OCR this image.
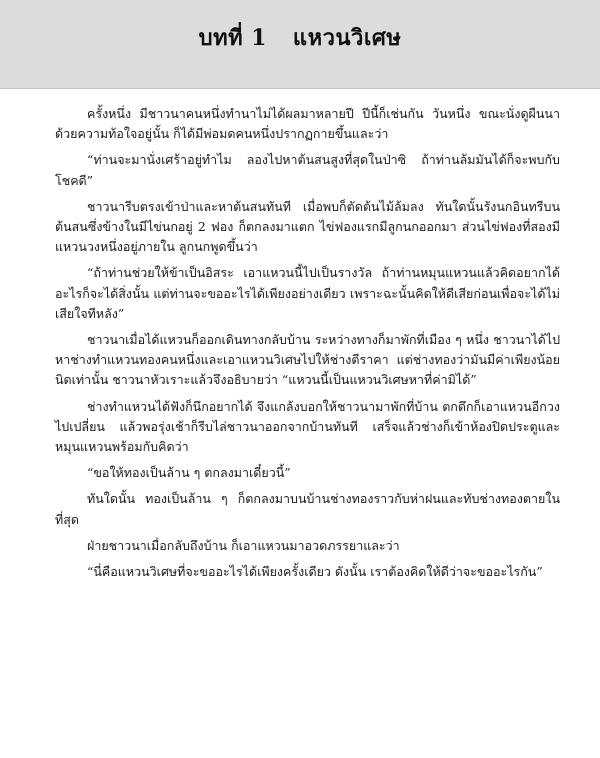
บทที่ 1 แหวนวิเศษ

ครั้งหนึ่ง มีชาวนาคนหนึ่งทำนาไม่ได้ผลมาหลายปี ปีนี้ก็เช่นกัน วันหนึ่ง ขณะนั่งดูผืนนาด้วยความท้อใจอยู่นั้น ก็ได้มีพ่อมดคนหนึ่งปรากฏกายขึ้นและว่า

“ท่านจะมานั่งเศร้าอยู่ทำไม ลองไปหาต้นสนสูงที่สุดในป่าซิ ถ้าท่านล้มมันได้ก็จะพบกับโชคดี”

ชาวนารีบตรงเข้าป่าและหาต้นสนทันที เมื่อพบก็ตัดต้นไม้ล้มลง ทันใดนั้นรังนกอินทรีบนต้นสนซึ่งข้างในมีไข่นกอยู่ 2 ฟอง ก็ตกลงมาแตก ไข่ฟองแรกมีลูกนกออกมา ส่วนไข่ฟองที่สองมีแหวนวงหนึ่งอยู่ภายใน ลูกนกพูดขึ้นว่า

“ถ้าท่านช่วยให้ข้าเป็นอิสระ เอาแหวนนี้ไปเป็นรางวัล ถ้าท่านหมุนแหวนแล้วคิดอยากได้อะไรก็จะได้สิ่งนั้น แต่ท่านจะขออะไรได้เพียงอย่างเดียว เพราะฉะนั้นคิดให้ดีเสียก่อนเพื่อจะได้ไม่เสียใจทีหลัง”

ชาวนาเมื่อได้แหวนก็ออกเดินทางกลับบ้าน ระหว่างทางก็มาพักที่เมือง ๆ หนึ่ง ชาวนาได้ไปหาช่างทำแหวนทองคนหนึ่งและเอาแหวนวิเศษไปให้ช่างตีราคา แต่ช่างทองว่ามันมีค่าเพียงน้อยนิดเท่านั้น ชาวนาหัวเราะแล้วจึงอธิบายว่า “แหวนนี้เป็นแหวนวิเศษหาที่ค่ามิได้”

ช่างทำแหวนได้ฟังก็นึกอยากได้ จึงแกล้งบอกให้ชาวนามาพักที่บ้าน ตกดึกก็เอาแหวนอีกวงไปเปลี่ยน แล้วพอรุ่งเช้าก็รีบไล่ชาวนาออกจากบ้านทันที เสร็จแล้วช่างก็เข้าห้องปิดประตูและหมุนแหวนพร้อมกับคิดว่า

“ขอให้ทองเป็นล้าน ๆ ตกลงมาเดี๋ยวนี้”

ทันใดนั้น ทองเป็นล้าน ๆ ก็ตกลงมาบนบ้านช่างทองราวกับห่าฝนและทับช่างทองตายในที่สุด

ฝ่ายชาวนาเมื่อกลับถึงบ้าน ก็เอาแหวนมาอวดภรรยาและว่า

“นี่คือแหวนวิเศษที่จะขออะไรได้เพียงครั้งเดียว ดังนั้น เราต้องคิดให้ดีว่าจะขออะไรกัน”
